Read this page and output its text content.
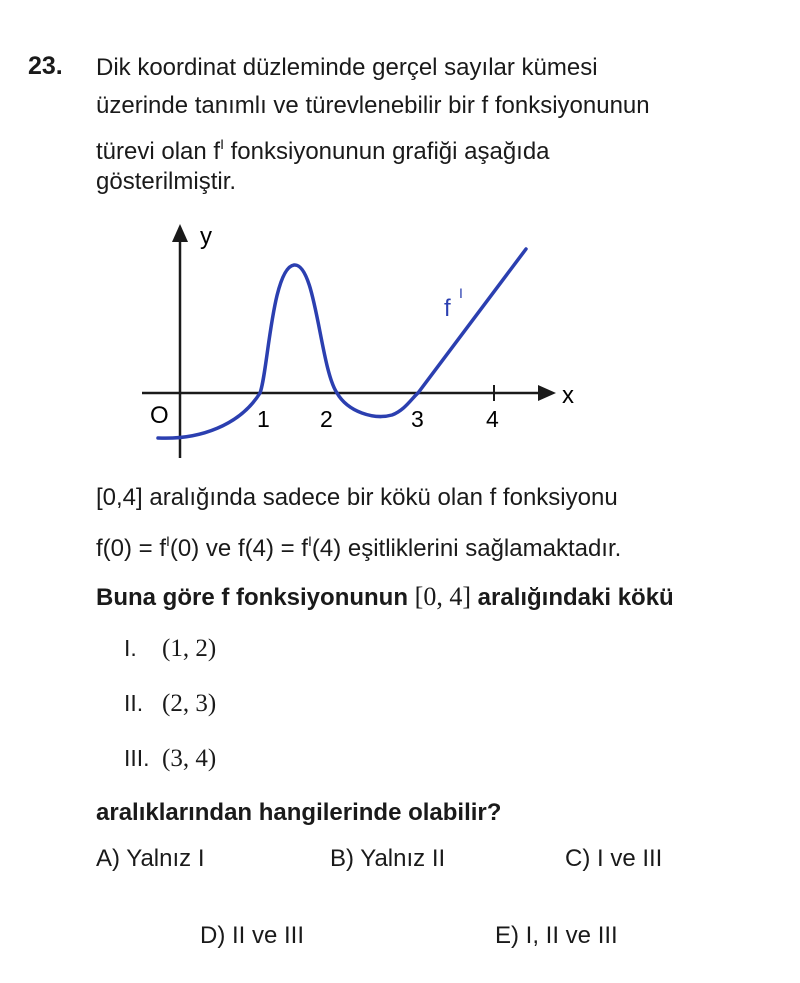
23. Dik koordinat düzleminde gerçel sayılar kümesi
üzerinde tanımlı ve türevlenebilir bir f fonksiyonunun
türevi olan $f^I$ fonksiyonunun grafiği aşağıda
gösterilmiştir.
y
x
O	1 2	3	4
f
I
[0,4] aralığında sadece bir kökü olan f fonksiyonu
$f(0) = f^I(0)$ ve $f(4) = f^I(4)$ eşitliklerini sağlamaktadır.
Buna göre f fonksiyonunun [0, 4] aralığındaki kökü
I. (1, 2)
II. (2, 3)
III. (3, 4)
aralıklarından hangilerinde olabilir?
A) Yalnız I	B) Yalnız II	C) I ve III
D) II ve III	E) I, II ve III
